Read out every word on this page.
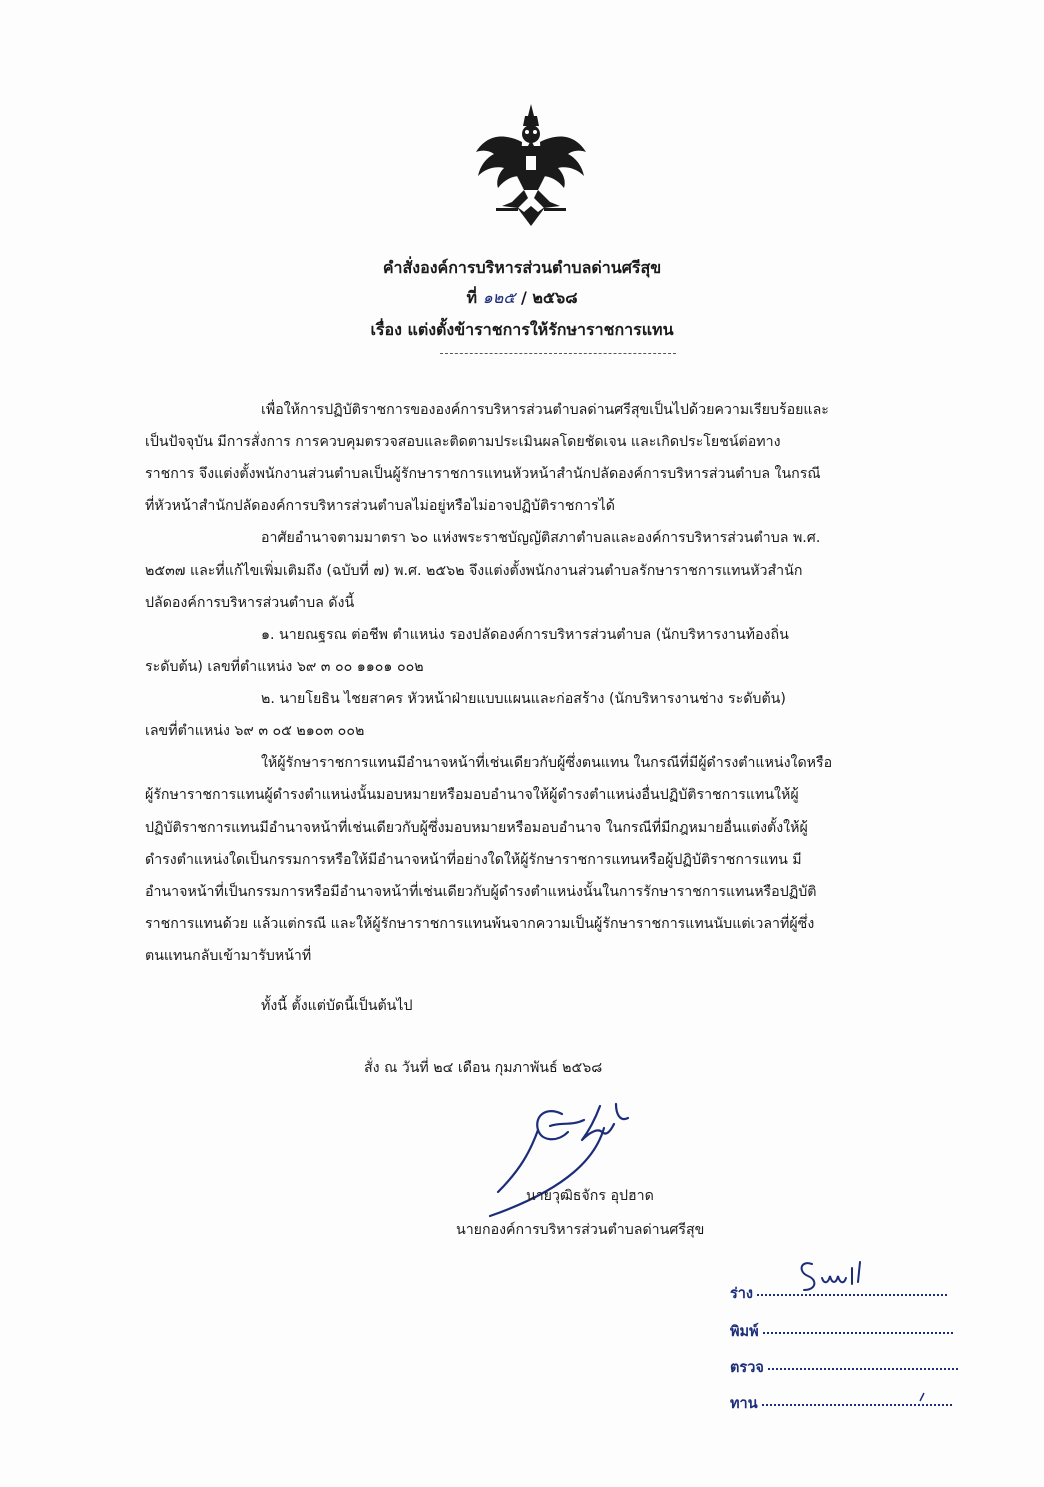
คำสั่งองค์การบริหารส่วนตำบลด่านศรีสุข
ที่ ๑๒๕ / ๒๕๖๘
เรื่อง แต่งตั้งข้าราชการให้รักษาราชการแทน
เพื่อให้การปฏิบัติราชการขององค์การบริหารส่วนตำบลด่านศรีสุขเป็นไปด้วยความเรียบร้อยและ
เป็นปัจจุบัน มีการสั่งการ การควบคุมตรวจสอบและติดตามประเมินผลโดยชัดเจน และเกิดประโยชน์ต่อทาง
ราชการ จึงแต่งตั้งพนักงานส่วนตำบลเป็นผู้รักษาราชการแทนหัวหน้าสำนักปลัดองค์การบริหารส่วนตำบล ในกรณี
ที่หัวหน้าสำนักปลัดองค์การบริหารส่วนตำบลไม่อยู่หรือไม่อาจปฏิบัติราชการได้
อาศัยอำนาจตามมาตรา ๖๐ แห่งพระราชบัญญัติสภาตำบลและองค์การบริหารส่วนตำบล พ.ศ.
๒๕๓๗ และที่แก้ไขเพิ่มเติมถึง (ฉบับที่ ๗) พ.ศ. ๒๕๖๒ จึงแต่งตั้งพนักงานส่วนตำบลรักษาราชการแทนหัวสำนัก
ปลัดองค์การบริหารส่วนตำบล ดังนี้
๑. นายณฐรณ ต่อชีพ ตำแหน่ง รองปลัดองค์การบริหารส่วนตำบล (นักบริหารงานท้องถิ่น
ระดับต้น) เลขที่ตำแหน่ง ๖๙ ๓ ๐๐ ๑๑๐๑ ๐๐๒
๒. นายโยธิน ไชยสาคร หัวหน้าฝ่ายแบบแผนและก่อสร้าง (นักบริหารงานช่าง ระดับต้น)
เลขที่ตำแหน่ง ๖๙ ๓ ๐๕ ๒๑๐๓ ๐๐๒
ให้ผู้รักษาราชการแทนมีอำนาจหน้าที่เช่นเดียวกับผู้ซึ่งตนแทน ในกรณีที่มีผู้ดำรงตำแหน่งใดหรือ
ผู้รักษาราชการแทนผู้ดำรงตำแหน่งนั้นมอบหมายหรือมอบอำนาจให้ผู้ดำรงตำแหน่งอื่นปฏิบัติราชการแทนให้ผู้
ปฏิบัติราชการแทนมีอำนาจหน้าที่เช่นเดียวกับผู้ซึ่งมอบหมายหรือมอบอำนาจ ในกรณีที่มีกฎหมายอื่นแต่งตั้งให้ผู้
ดำรงตำแหน่งใดเป็นกรรมการหรือให้มีอำนาจหน้าที่อย่างใดให้ผู้รักษาราชการแทนหรือผู้ปฏิบัติราชการแทน มี
อำนาจหน้าที่เป็นกรรมการหรือมีอำนาจหน้าที่เช่นเดียวกับผู้ดำรงตำแหน่งนั้นในการรักษาราชการแทนหรือปฏิบัติ
ราชการแทนด้วย แล้วแต่กรณี และให้ผู้รักษาราชการแทนพ้นจากความเป็นผู้รักษาราชการแทนนับแต่เวลาที่ผู้ซึ่ง
ตนแทนกลับเข้ามารับหน้าที่
ทั้งนี้ ตั้งแต่บัดนี้เป็นต้นไป
สั่ง ณ วันที่ ๒๔ เดือน กุมภาพันธ์ ๒๕๖๘
นายวุฒิธจักร อุปฮาด
นายกองค์การบริหารส่วนตำบลด่านศรีสุข
ร่าง
พิมพ์
ตรวจ
ทาน
